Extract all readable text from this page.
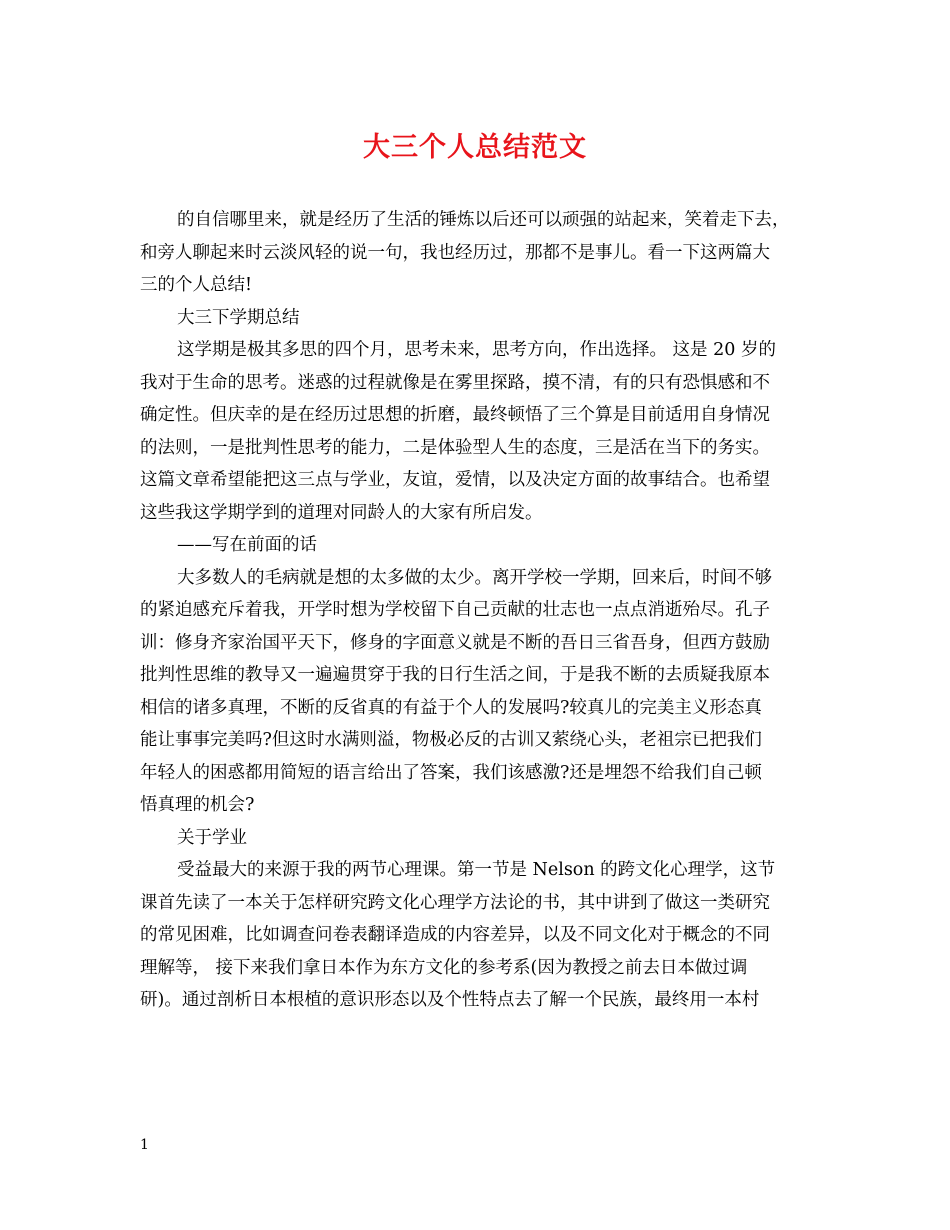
大三个人总结范文
的自信哪里来，就是经历了生活的锤炼以后还可以顽强的站起来，笑着走下去，
和旁人聊起来时云淡风轻的说一句，我也经历过，那都不是事儿。看一下这两篇大
三的个人总结!
大三下学期总结
这学期是极其多思的四个月，思考未来，思考方向，作出选择。 这是 20 岁的
我对于生命的思考。迷惑的过程就像是在雾里探路，摸不清，有的只有恐惧感和不
确定性。但庆幸的是在经历过思想的折磨，最终顿悟了三个算是目前适用自身情况
的法则，一是批判性思考的能力，二是体验型人生的态度，三是活在当下的务实。
这篇文章希望能把这三点与学业，友谊，爱情，以及决定方面的故事结合。也希望
这些我这学期学到的道理对同龄人的大家有所启发。
——写在前面的话
大多数人的毛病就是想的太多做的太少。离开学校一学期，回来后，时间不够
的紧迫感充斥着我，开学时想为学校留下自己贡献的壮志也一点点消逝殆尽。孔子
训：修身齐家治国平天下，修身的字面意义就是不断的吾日三省吾身，但西方鼓励
批判性思维的教导又一遍遍贯穿于我的日行生活之间，于是我不断的去质疑我原本
相信的诸多真理，不断的反省真的有益于个人的发展吗?较真儿的完美主义形态真
能让事事完美吗?但这时水满则溢，物极必反的古训又萦绕心头，老祖宗已把我们
年轻人的困惑都用简短的语言给出了答案，我们该感激?还是埋怨不给我们自己顿
悟真理的机会?
关于学业
受益最大的来源于我的两节心理课。第一节是 Nelson 的跨文化心理学，这节
课首先读了一本关于怎样研究跨文化心理学方法论的书，其中讲到了做这一类研究
的常见困难，比如调查问卷表翻译造成的内容差异，以及不同文化对于概念的不同
理解等， 接下来我们拿日本作为东方文化的参考系(因为教授之前去日本做过调
研)。通过剖析日本根植的意识形态以及个性特点去了解一个民族，最终用一本村
1
